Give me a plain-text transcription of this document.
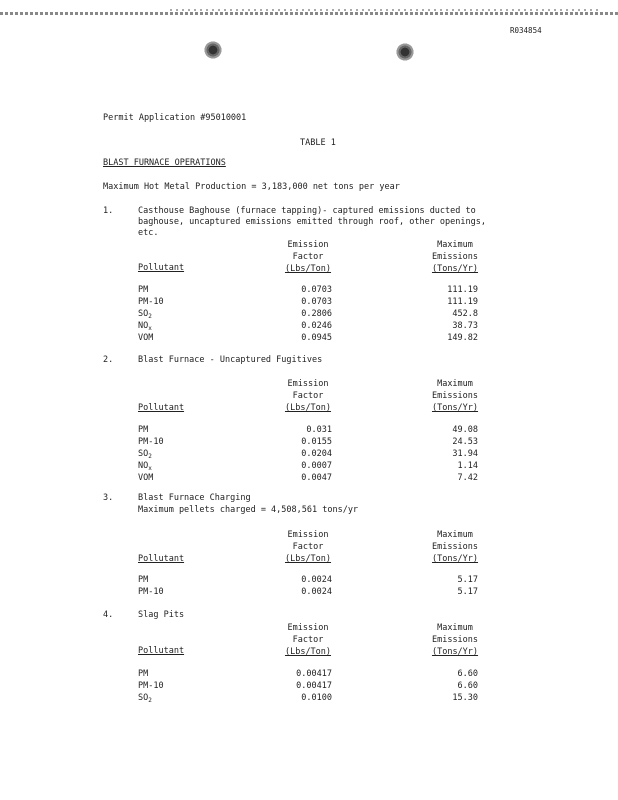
R034854
Permit Application #95010001
TABLE 1
BLAST FURNACE OPERATIONS
Maximum Hot Metal Production = 3,183,000 net tons per year
1.	Casthouse Baghouse (furnace tapping)- captured emissions ducted to
baghouse, uncaptured emissions emitted through roof, other openings,
etc.
Pollutant
Emission
Factor
(Lbs/Ton)
Maximum
Emissions
(Tons/Yr)
PM	0.0703	111.19
PM-10	0.0703	111.19
$SO_2$	0.2806	452.8
$NO_x$	0.0246	38.73
VOM	0.0945	149.82
2.	Blast Furnace - Uncaptured Fugitives
Pollutant
Emission
Factor
(Lbs/Ton)
Maximum
Emissions
(Tons/Yr)
PM	0.031	49.08
PM-10	0.0155	24.53
$SO_2$	0.0204	31.94
$NO_x$	0.0007	1.14
VOM	0.0047	7.42
3.	Blast Furnace Charging
Maximum pellets charged = 4,508,561 tons/yr
Pollutant
Emission
Factor
(Lbs/Ton)
Maximum
Emissions
(Tons/Yr)
PM	0.0024	5.17
PM-10	0.0024	5.17
4.	Slag Pits
Pollutant
Emission
Factor
(Lbs/Ton)
Maximum
Emissions
(Tons/Yr)
PM	0.00417	6.60
PM-10	0.00417	6.60
$SO_2$	0.0100	15.30
